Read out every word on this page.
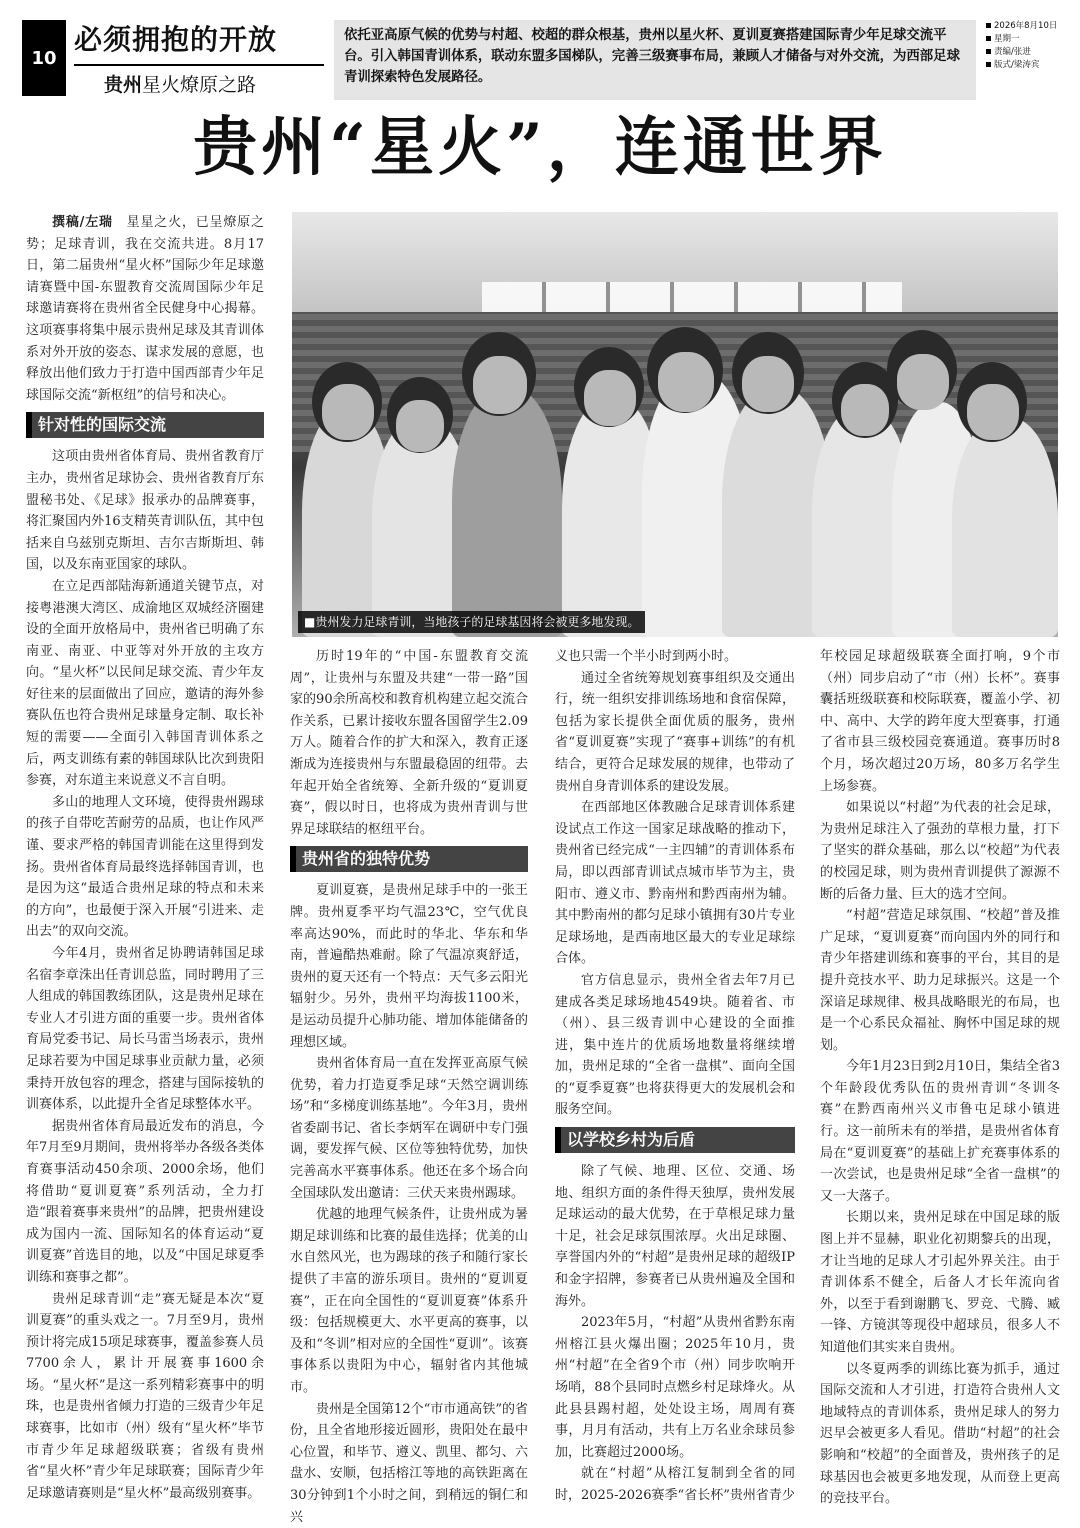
10
必须拥抱的开放
贵州星火燎原之路
依托亚高原气候的优势与村超、校超的群众根基，贵州以星火杯、夏训夏赛搭建国际青少年足球交流平台。引入韩国青训体系，联动东盟多国梯队，完善三级赛事布局，兼顾人才储备与对外交流，为西部足球青训探索特色发展路径。
2026年8月10日
星期一
责编/张进
版式/梁涛宾
贵州“星火”，连通世界

撰稿/左瑞　 星星之火，已呈燎原之势；足球青训，我在交流共进。8月17日，第二届贵州“星火杯”国际少年足球邀请赛暨中国-东盟教育交流周国际少年足球邀请赛将在贵州省全民健身中心揭幕。这项赛事将集中展示贵州足球及其青训体系对外开放的姿态、谋求发展的意愿，也释放出他们致力于打造中国西部青少年足球国际交流“新枢纽”的信号和决心。

针对性的国际交流

这项由贵州省体育局、贵州省教育厅主办，贵州省足球协会、贵州省教育厅东盟秘书处、《足球》报承办的品牌赛事，将汇聚国内外16支精英青训队伍，其中包括来自乌兹别克斯坦、吉尔吉斯斯坦、韩国，以及东南亚国家的球队。

在立足西部陆海新通道关键节点，对接粤港澳大湾区、成渝地区双城经济圈建设的全面开放格局中，贵州省已明确了东南亚、南亚、中亚等对外开放的主攻方向。“星火杯”以民间足球交流、青少年友好往来的层面做出了回应，邀请的海外参赛队伍也符合贵州足球量身定制、取长补短的需要——全面引入韩国青训体系之后，两支训练有素的韩国球队比次到贵阳参赛，对东道主来说意义不言自明。

多山的地理人文环境，使得贵州踢球的孩子自带吃苦耐劳的品质，也让作风严谨、要求严格的韩国青训能在这里得到发扬。贵州省体育局最终选择韩国青训，也是因为这“最适合贵州足球的特点和未来的方向”，也最便于深入开展“引进来、走出去”的双向交流。

今年4月，贵州省足协聘请韩国足球名宿李章洙出任青训总监，同时聘用了三人组成的韩国教练团队，这是贵州足球在专业人才引进方面的重要一步。贵州省体育局党委书记、局长马雷当场表示，贵州足球若要为中国足球事业贡献力量，必须秉持开放包容的理念，搭建与国际接轨的训赛体系，以此提升全省足球整体水平。

据贵州省体育局最近发布的消息，今年7月至9月期间，贵州将举办各级各类体育赛事活动450余项、2000余场，他们将借助“夏训夏赛”系列活动，全力打造“跟着赛事来贵州”的品牌，把贵州建设成为国内一流、国际知名的体育运动“夏训夏赛”首选目的地，以及“中国足球夏季训练和赛事之都”。

贵州足球青训“走”赛无疑是本次“夏训夏赛”的重头戏之一。7月至9月，贵州预计将完成15项足球赛事，覆盖参赛人员7700余人，累计开展赛事1600余场。“星火杯”是这一系列精彩赛事中的明珠，也是贵州省倾力打造的三级青少年足球赛事，比如市（州）级有“星火杯”毕节市青少年足球超级联赛；省级有贵州省“星火杯”青少年足球联赛；国际青少年足球邀请赛则是“星火杯”最高级别赛事。

■贵州发力足球青训，当地孩子的足球基因将会被更多地发现。

历时19年的“中国-东盟教育交流周”，让贵州与东盟及共建“一带一路”国家的90余所高校和教育机构建立起交流合作关系，已累计接收东盟各国留学生2.09万人。随着合作的扩大和深入，教育正逐渐成为连接贵州与东盟最稳固的纽带。去年起开始全省统筹、全新升级的“夏训夏赛”，假以时日，也将成为贵州青训与世界足球联结的枢纽平台。

贵州省的独特优势

夏训夏赛，是贵州足球手中的一张王牌。贵州夏季平均气温23℃，空气优良率高达90%，而此时的华北、华东和华南，普遍酷热难耐。除了气温凉爽舒适，贵州的夏天还有一个特点：天气多云阳光辐射少。另外，贵州平均海拔1100米，是运动员提升心肺功能、增加体能储备的理想区域。

贵州省体育局一直在发挥亚高原气候优势，着力打造夏季足球“天然空调训练场”和“多梯度训练基地”。今年3月，贵州省委副书记、省长李炳军在调研中专门强调，要发挥气候、区位等独特优势，加快完善高水平赛事体系。他还在多个场合向全国球队发出邀请：三伏天来贵州踢球。

优越的地理气候条件，让贵州成为暑期足球训练和比赛的最佳选择；优美的山水自然风光，也为踢球的孩子和随行家长提供了丰富的游乐项目。贵州的“夏训夏赛”，正在向全国性的“夏训夏赛”体系升级：包括规模更大、水平更高的赛事，以及和“冬训”相对应的全国性“夏训”。该赛事体系以贵阳为中心，辐射省内其他城市。

贵州是全国第12个“市市通高铁”的省份，且全省地形接近圆形，贵阳处在最中心位置，和毕节、遵义、凯里、都匀、六盘水、安顺，包括榕江等地的高铁距离在30分钟到1个小时之间，到稍远的铜仁和兴

义也只需一个半小时到两小时。

通过全省统筹规划赛事组织及交通出行，统一组织安排训练场地和食宿保障，包括为家长提供全面优质的服务，贵州省“夏训夏赛”实现了“赛事+训练”的有机结合，更符合足球发展的规律，也带动了贵州自身青训体系的建设发展。

在西部地区体教融合足球青训体系建设试点工作这一国家足球战略的推动下，贵州省已经完成“一主四辅”的青训体系布局，即以西部青训试点城市毕节为主，贵阳市、遵义市、黔南州和黔西南州为辅。其中黔南州的都匀足球小镇拥有30片专业足球场地，是西南地区最大的专业足球综合体。

官方信息显示，贵州全省去年7月已建成各类足球场地4549块。随着省、市（州）、县三级青训中心建设的全面推进，集中连片的优质场地数量将继续增加，贵州足球的“全省一盘棋”、面向全国的“夏季夏赛”也将获得更大的发展机会和服务空间。

以学校乡村为后盾

除了气候、地理、区位、交通、场地、组织方面的条件得天独厚，贵州发展足球运动的最大优势，在于草根足球力量十足，社会足球氛围浓厚。火出足球圈、享誉国内外的“村超”是贵州足球的超级IP和金字招牌，参赛者已从贵州遍及全国和海外。

2023年5月，“村超”从贵州省黔东南州榕江县火爆出圈；2025年10月，贵州“村超”在全省9个市（州）同步吹响开场哨，88个县同时点燃乡村足球烽火。从此县县踢村超，处处设主场，周周有赛事，月月有活动，共有上万名业余球员参加，比赛超过2000场。

就在“村超”从榕江复制到全省的同时，2025-2026赛季“省长杯”贵州省青少

年校园足球超级联赛全面打响，9个市（州）同步启动了“市（州）长杯”。赛事囊括班级联赛和校际联赛，覆盖小学、初中、高中、大学的跨年度大型赛事，打通了省市县三级校园竞赛通道。赛事历时8个月，场次超过20万场，80多万名学生上场参赛。

如果说以“村超”为代表的社会足球，为贵州足球注入了强劲的草根力量，打下了坚实的群众基础，那么以“校超”为代表的校园足球，则为贵州青训提供了源源不断的后备力量、巨大的选才空间。

“村超”营造足球氛围、“校超”普及推广足球，“夏训夏赛”而向国内外的同行和青少年搭建训练和赛事的平台，其目的是提升竞技水平、助力足球振兴。这是一个深谙足球规律、极具战略眼光的布局，也是一个心系民众福祉、胸怀中国足球的规划。

今年1月23日到2月10日，集结全省3个年龄段优秀队伍的贵州青训“冬训冬赛”在黔西南州兴义市鲁屯足球小镇进行。这一前所未有的举措，是贵州省体育局在“夏训夏赛”的基础上扩充赛事体系的一次尝试，也是贵州足球“全省一盘棋”的又一大落子。

长期以来，贵州足球在中国足球的版图上并不显赫，职业化初期黎兵的出现，才让当地的足球人才引起外界关注。由于青训体系不健全，后备人才长年流向省外，以至于看到谢鹏飞、罗竞、弋腾、臧一锋、方镜淇等现役中超球员，很多人不知道他们其实来自贵州。

以冬夏两季的训练比赛为抓手，通过国际交流和人才引进，打造符合贵州人文地域特点的青训体系，贵州足球人的努力迟早会被更多人看见。借助“村超”的社会影响和“校超”的全面普及，贵州孩子的足球基因也会被更多地发现，从而登上更高的竞技平台。
